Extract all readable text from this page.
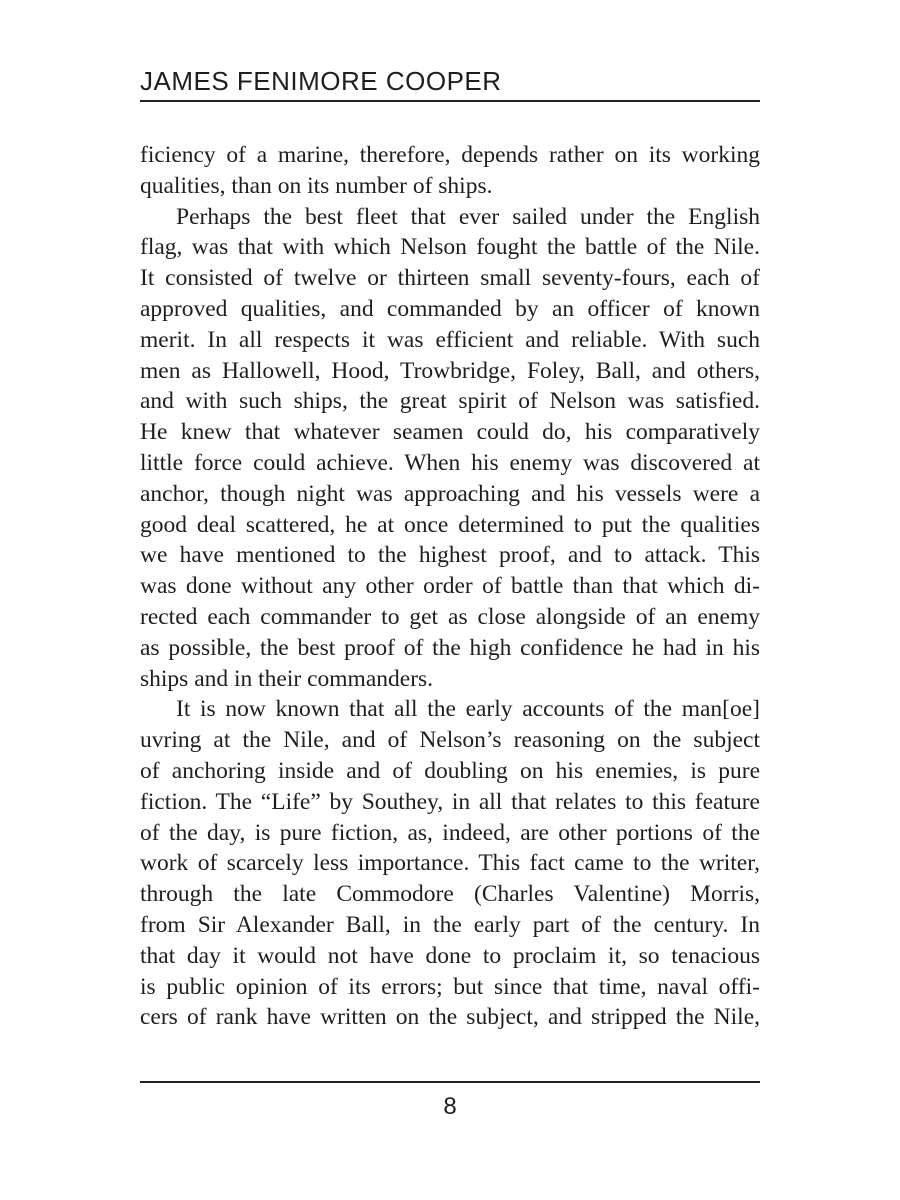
JAMES FENIMORE COOPER
ficiency of a marine, therefore, depends rather on its working
qualities, than on its number of ships.
Perhaps the best fleet that ever sailed under the English
flag, was that with which Nelson fought the battle of the Nile.
It consisted of twelve or thirteen small seventy-fours, each of
approved qualities, and commanded by an officer of known
merit. In all respects it was efficient and reliable. With such
men as Hallowell, Hood, Trowbridge, Foley, Ball, and others,
and with such ships, the great spirit of Nelson was satisfied.
He knew that whatever seamen could do, his comparatively
little force could achieve. When his enemy was discovered at
anchor, though night was approaching and his vessels were a
good deal scattered, he at once determined to put the qualities
we have mentioned to the highest proof, and to attack. This
was done without any other order of battle than that which di-
rected each commander to get as close alongside of an enemy
as possible, the best proof of the high confidence he had in his
ships and in their commanders.
It is now known that all the early accounts of the man[oe]
uvring at the Nile, and of Nelson’s reasoning on the subject
of anchoring inside and of doubling on his enemies, is pure
fiction. The “Life” by Southey, in all that relates to this feature
of the day, is pure fiction, as, indeed, are other portions of the
work of scarcely less importance. This fact came to the writer,
through the late Commodore (Charles Valentine) Morris,
from Sir Alexander Ball, in the early part of the century. In
that day it would not have done to proclaim it, so tenacious
is public opinion of its errors; but since that time, naval offi-
cers of rank have written on the subject, and stripped the Nile,
8
